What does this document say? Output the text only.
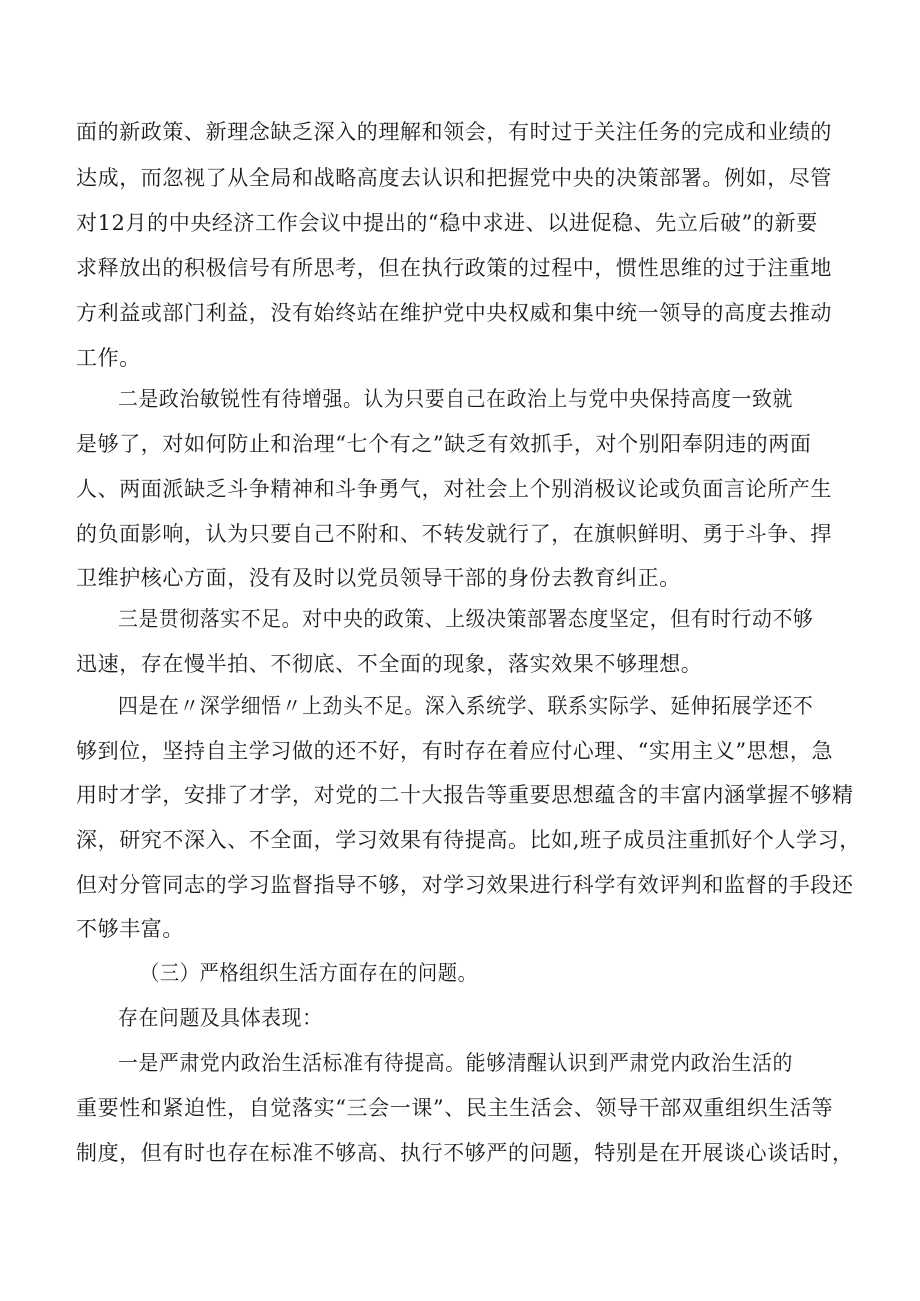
面的新政策、新理念缺乏深入的理解和领会，有时过于关注任务的完成和业绩的
达成，而忽视了从全局和战略高度去认识和把握党中央的决策部署。例如，尽管
对12月的中央经济工作会议中提出的“稳中求进、以进促稳、先立后破”的新要
求释放出的积极信号有所思考，但在执行政策的过程中，惯性思维的过于注重地
方利益或部门利益，没有始终站在维护党中央权威和集中统一领导的高度去推动
工作。
二是政治敏锐性有待增强。认为只要自己在政治上与党中央保持高度一致就
是够了，对如何防止和治理“七个有之”缺乏有效抓手，对个别阳奉阴违的两面
人、两面派缺乏斗争精神和斗争勇气，对社会上个别消极议论或负面言论所产生
的负面影响，认为只要自己不附和、不转发就行了，在旗帜鲜明、勇于斗争、捍
卫维护核心方面，没有及时以党员领导干部的身份去教育纠正。
三是贯彻落实不足。对中央的政策、上级决策部署态度坚定，但有时行动不够
迅速，存在慢半拍、不彻底、不全面的现象，落实效果不够理想。
四是在〃深学细悟〃上劲头不足。深入系统学、联系实际学、延伸拓展学还不
够到位，坚持自主学习做的还不好，有时存在着应付心理、“实用主义”思想，急
用时才学，安排了才学，对党的二十大报告等重要思想蕴含的丰富内涵掌握不够精
深，研究不深入、不全面，学习效果有待提高。比如,班子成员注重抓好个人学习，
但对分管同志的学习监督指导不够，对学习效果进行科学有效评判和监督的手段还
不够丰富。
（三）严格组织生活方面存在的问题。
存在问题及具体表现：
一是严肃党内政治生活标准有待提高。能够清醒认识到严肃党内政治生活的
重要性和紧迫性，自觉落实“三会一课”、民主生活会、领导干部双重组织生活等
制度，但有时也存在标准不够高、执行不够严的问题，特别是在开展谈心谈话时，
